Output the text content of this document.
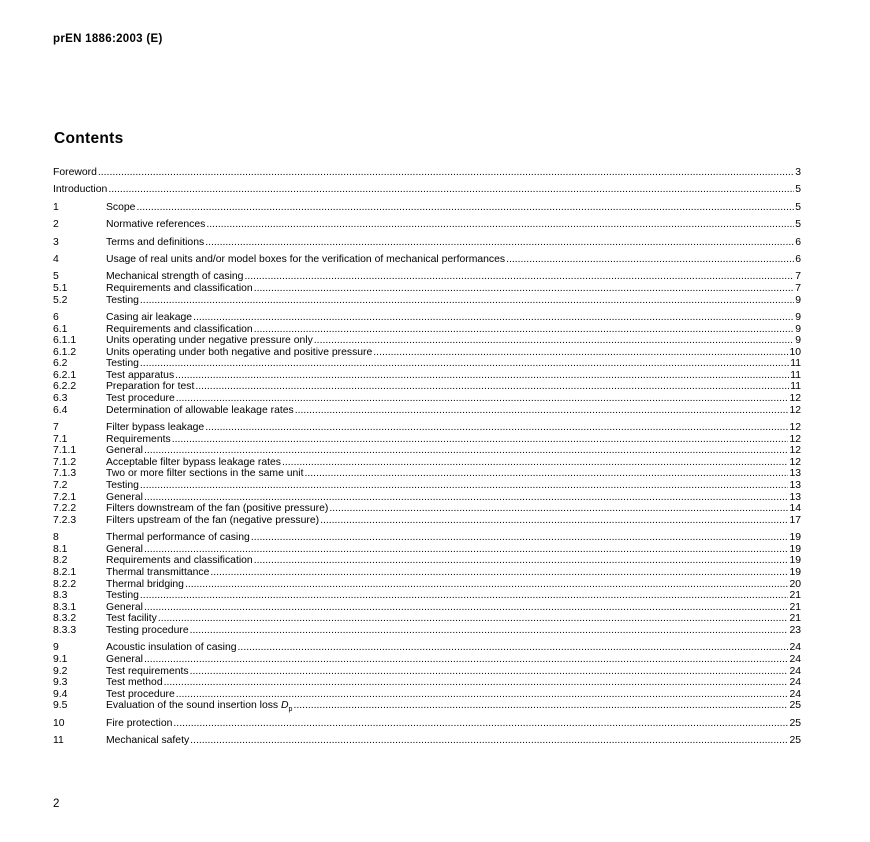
prEN 1886:2003 (E)
Contents
Foreword .....	3
Introduction .....	5
1	Scope .....	5
2	Normative references .....	5
3	Terms and definitions .....	6
4	Usage of real units and/or model boxes for the verification of mechanical performances .....	6
5	Mechanical strength of casing .....	7
5.1	Requirements and classification .....	7
5.2	Testing .....	9
6	Casing air leakage .....	9
6.1	Requirements and classification .....	9
6.1.1	Units operating under negative pressure only .....	9
6.1.2	Units operating under both negative and positive pressure .....	10
6.2	Testing .....	11
6.2.1	Test apparatus .....	11
6.2.2	Preparation for test .....	11
6.3	Test procedure .....	12
6.4	Determination of allowable leakage rates .....	12
7	Filter bypass leakage .....	12
7.1	Requirements .....	12
7.1.1	General .....	12
7.1.2	Acceptable filter bypass leakage rates .....	12
7.1.3	Two or more filter sections in the same unit .....	13
7.2	Testing .....	13
7.2.1	General .....	13
7.2.2	Filters downstream of the fan (positive pressure) .....	14
7.2.3	Filters upstream of the fan (negative pressure) .....	17
8	Thermal performance of casing .....	19
8.1	General .....	19
8.2	Requirements and classification .....	19
8.2.1	Thermal transmittance .....	19
8.2.2	Thermal bridging .....	20
8.3	Testing .....	21
8.3.1	General .....	21
8.3.2	Test facility .....	21
8.3.3	Testing procedure .....	23
9	Acoustic insulation of casing .....	24
9.1	General .....	24
9.2	Test requirements .....	24
9.3	Test method .....	24
9.4	Test procedure .....	24
9.5	Evaluation of the sound insertion loss $D_p$ .....	25
10	Fire protection .....	25
11	Mechanical safety .....	25
2
